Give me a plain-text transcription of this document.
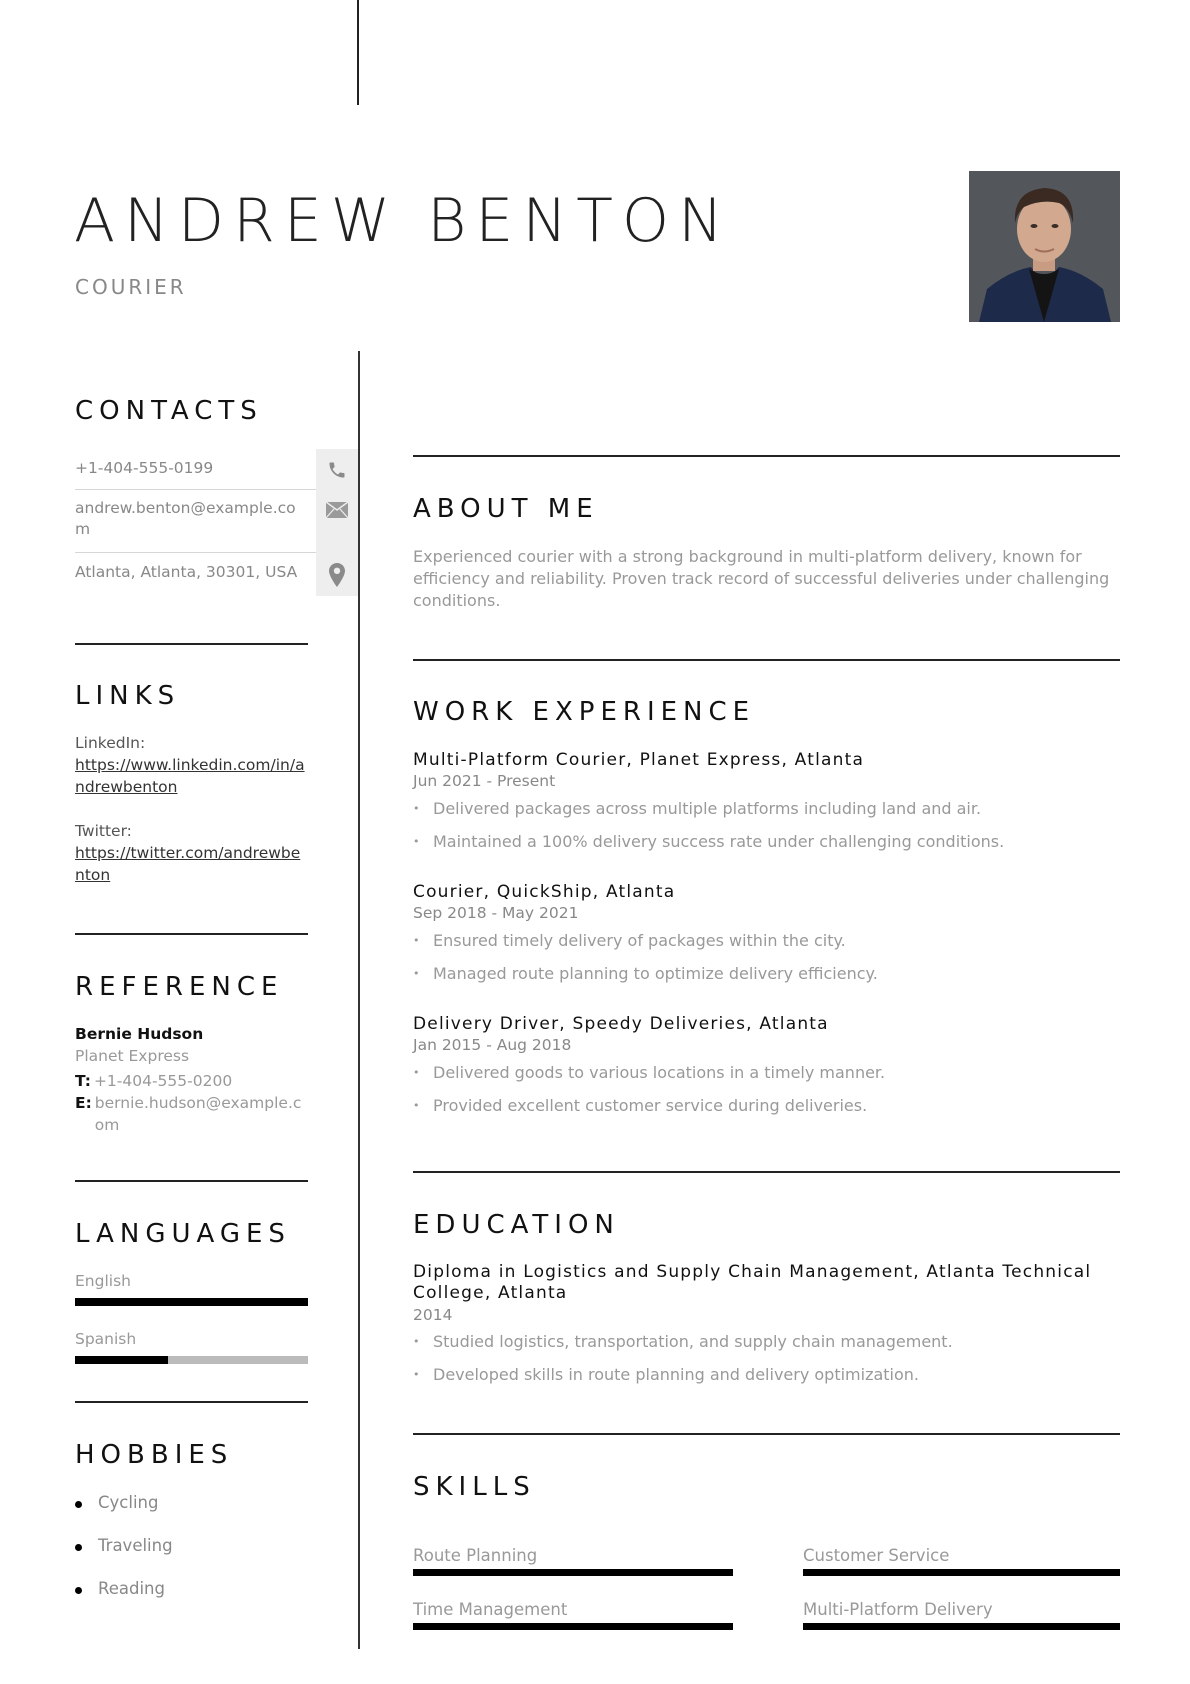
ANDREW BENTON
COURIER
CONTACTS
+1-404-555-0199
andrew.benton@example.com
Atlanta, Atlanta, 30301, USA
LINKS
LinkedIn:
https://www.linkedin.com/in/andrewbenton
Twitter:
https://twitter.com/andrewbenton
REFERENCE
Bernie Hudson
Planet Express
T: +1-404-555-0200
E: bernie.hudson@example.com
LANGUAGES
English
Spanish
HOBBIES
Cycling
Traveling
Reading
ABOUT ME
Experienced courier with a strong background in multi-platform delivery, known for efficiency and reliability. Proven track record of successful deliveries under challenging conditions.
WORK EXPERIENCE
Multi-Platform Courier, Planet Express, Atlanta
Jun 2021 - Present
• Delivered packages across multiple platforms including land and air.
• Maintained a 100% delivery success rate under challenging conditions.
Courier, QuickShip, Atlanta
Sep 2018 - May 2021
• Ensured timely delivery of packages within the city.
• Managed route planning to optimize delivery efficiency.
Delivery Driver, Speedy Deliveries, Atlanta
Jan 2015 - Aug 2018
• Delivered goods to various locations in a timely manner.
• Provided excellent customer service during deliveries.
EDUCATION
Diploma in Logistics and Supply Chain Management, Atlanta Technical College, Atlanta
2014
• Studied logistics, transportation, and supply chain management.
• Developed skills in route planning and delivery optimization.
SKILLS
Route Planning	Customer Service
Time Management	Multi-Platform Delivery
